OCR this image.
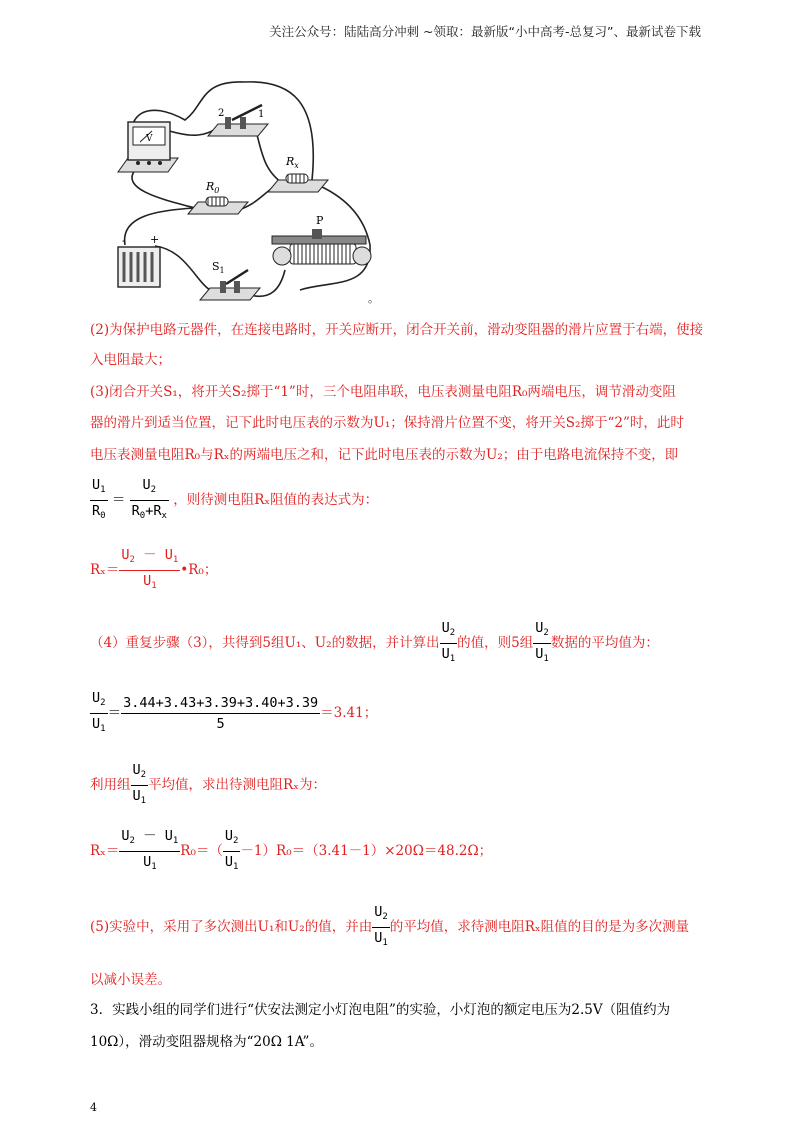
关注公众号：陆陆高分冲刺 ~领取：最新版“小中高考-总复习”、最新试卷下载
V
2	1
$R_x$
$R_0$
- +
$S_1$
P
。
(2)为保护电路元器件，在连接电路时，开关应断开，闭合开关前，滑动变阻器的滑片应置于右端，使接
入电阻最大；
(3)闭合开关S₁，将开关S₂掷于“1”时，三个电阻串联，电压表测量电阻R₀两端电压，调节滑动变阻
器的滑片到适当位置，记下此时电压表的示数为U₁；保持滑片位置不变，将开关S₂掷于“2”时，此时
电压表测量电阻R₀与Rₓ的两端电压之和，记下此时电压表的示数为U₂；由于电路电流保持不变，即
$\frac{U_1}{R_0} = \frac{U_2}{R_0+R_x}$ ，则待测电阻Rₓ阻值的表达式为：
$R_x= \frac{U_2 - U_1}{U_1}$ •R₀；
（4）重复步骤（3），共得到5组U₁、U₂的数据，并计算出 $\frac{U_2}{U_1}$ 的值，则5组 $\frac{U_2}{U_1}$ 数据的平均值为：
$\frac{U_2}{U_1} = \frac{3.44+3.43+3.39+3.40+3.39}{5} =3.41$；
利用组 $\frac{U_2}{U_1}$ 平均值，求出待测电阻Rₓ为：
$R_x= \frac{U_2 - U_1}{U_1} R_0=( \frac{U_2}{U_1} -1)R_0=(3.41-1)\times 20\Omega=48.2\Omega$；
(5)实验中，采用了多次测出U₁和U₂的值，并由 $\frac{U_2}{U_1}$ 的平均值，求待测电阻Rₓ阻值的目的是为多次测量
以减小误差。
3．实践小组的同学们进行“伏安法测定小灯泡电阻”的实验，小灯泡的额定电压为2.5V（阻值约为
10Ω），滑动变阻器规格为“20Ω 1A”。
4
